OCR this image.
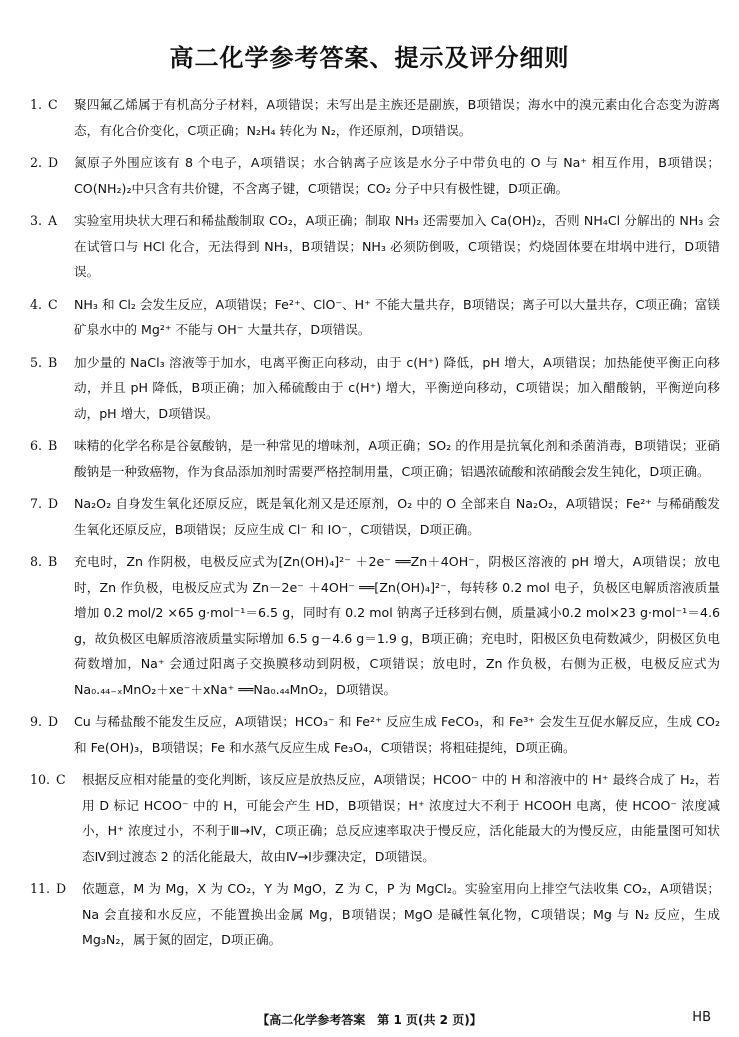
高二化学参考答案、提示及评分细则
1. C	聚四氟乙烯属于有机高分子材料，A项错误；未写出是主族还是副族，B项错误；海水中的溴元素由化合态变为游离态，有化合价变化，C项正确；N₂H₄ 转化为 N₂，作还原剂，D项错误。
2. D	氮原子外围应该有 8 个电子，A项错误；水合钠离子应该是水分子中带负电的 O 与 Na⁺ 相互作用，B项错误；CO(NH₂)₂中只含有共价键，不含离子键，C项错误；CO₂ 分子中只有极性键，D项正确。
3. A	实验室用块状大理石和稀盐酸制取 CO₂，A项正确；制取 NH₃ 还需要加入 Ca(OH)₂，否则 NH₄Cl 分解出的 NH₃ 会在试管口与 HCl 化合，无法得到 NH₃，B项错误；NH₃ 必须防倒吸，C项错误；灼烧固体要在坩埚中进行，D项错误。
4. C	NH₃ 和 Cl₂ 会发生反应，A项错误；Fe²⁺、ClO⁻、H⁺ 不能大量共存，B项错误；离子可以大量共存，C项正确；富镁矿泉水中的 Mg²⁺ 不能与 OH⁻ 大量共存，D项错误。
5. B	加少量的 NaCl₃ 溶液等于加水，电离平衡正向移动，由于 c(H⁺) 降低，pH 增大，A项错误；加热能使平衡正向移动，并且 pH 降低，B项正确；加入稀硫酸由于 c(H⁺) 增大，平衡逆向移动，C项错误；加入醋酸钠，平衡逆向移动，pH 增大，D项错误。
6. B	味精的化学名称是谷氨酸钠，是一种常见的增味剂，A项正确；SO₂ 的作用是抗氧化剂和杀菌消毒，B项错误；亚硝酸钠是一种致癌物，作为食品添加剂时需要严格控制用量，C项正确；铝遇浓硫酸和浓硝酸会发生钝化，D项正确。
7. D	Na₂O₂ 自身发生氧化还原反应，既是氧化剂又是还原剂，O₂ 中的 O 全部来自 Na₂O₂，A项错误；Fe²⁺ 与稀硝酸发生氧化还原反应，B项错误；反应生成 Cl⁻ 和 IO⁻，C项错误，D项正确。
8. B	充电时，Zn 作阴极，电极反应式为[Zn(OH)₄]²⁻ ＋2e⁻ ══Zn＋4OH⁻，阴极区溶液的 pH 增大，A项错误；放电时，Zn 作负极，电极反应式为 Zn－2e⁻ ＋4OH⁻ ══[Zn(OH)₄]²⁻，每转移 0.2 mol 电子，负极区电解质溶液质量增加 0.2 mol/2 ×65 g·mol⁻¹＝6.5 g，同时有 0.2 mol 钠离子迁移到右侧，质量减小0.2 mol×23 g·mol⁻¹＝4.6 g，故负极区电解质溶液质量实际增加 6.5 g－4.6 g＝1.9 g，B项正确；充电时，阳极区负电荷数减少，阴极区负电荷数增加，Na⁺ 会通过阳离子交换膜移动到阴极，C项错误；放电时，Zn 作负极，右侧为正极，电极反应式为 Na₀.₄₄₋ₓMnO₂＋xe⁻＋xNa⁺ ══Na₀.₄₄MnO₂，D项错误。
9. D	Cu 与稀盐酸不能发生反应，A项错误；HCO₃⁻ 和 Fe²⁺ 反应生成 FeCO₃，和 Fe³⁺ 会发生互促水解反应，生成 CO₂ 和 Fe(OH)₃，B项错误；Fe 和水蒸气反应生成 Fe₃O₄，C项错误；将粗硅提纯，D项正确。
10. C	根据反应相对能量的变化判断，该反应是放热反应，A项错误；HCOO⁻ 中的 H 和溶液中的 H⁺ 最终合成了 H₂，若用 D 标记 HCOO⁻ 中的 H，可能会产生 HD，B项错误；H⁺ 浓度过大不利于 HCOOH 电离，使 HCOO⁻ 浓度减小，H⁺ 浓度过小，不利于Ⅲ→Ⅳ，C项正确；总反应速率取决于慢反应，活化能最大的为慢反应，由能量图可知状态Ⅳ到过渡态 2 的活化能最大，故由Ⅳ→Ⅰ步骤决定，D项错误。
11. D	依题意，M 为 Mg，X 为 CO₂，Y 为 MgO，Z 为 C，P 为 MgCl₂。实验室用向上排空气法收集 CO₂，A项错误；Na 会直接和水反应，不能置换出金属 Mg，B项错误；MgO 是碱性氧化物，C项错误；Mg 与 N₂ 反应，生成 Mg₃N₂，属于氮的固定，D项正确。
【高二化学参考答案　第 1 页(共 2 页)】	HB
